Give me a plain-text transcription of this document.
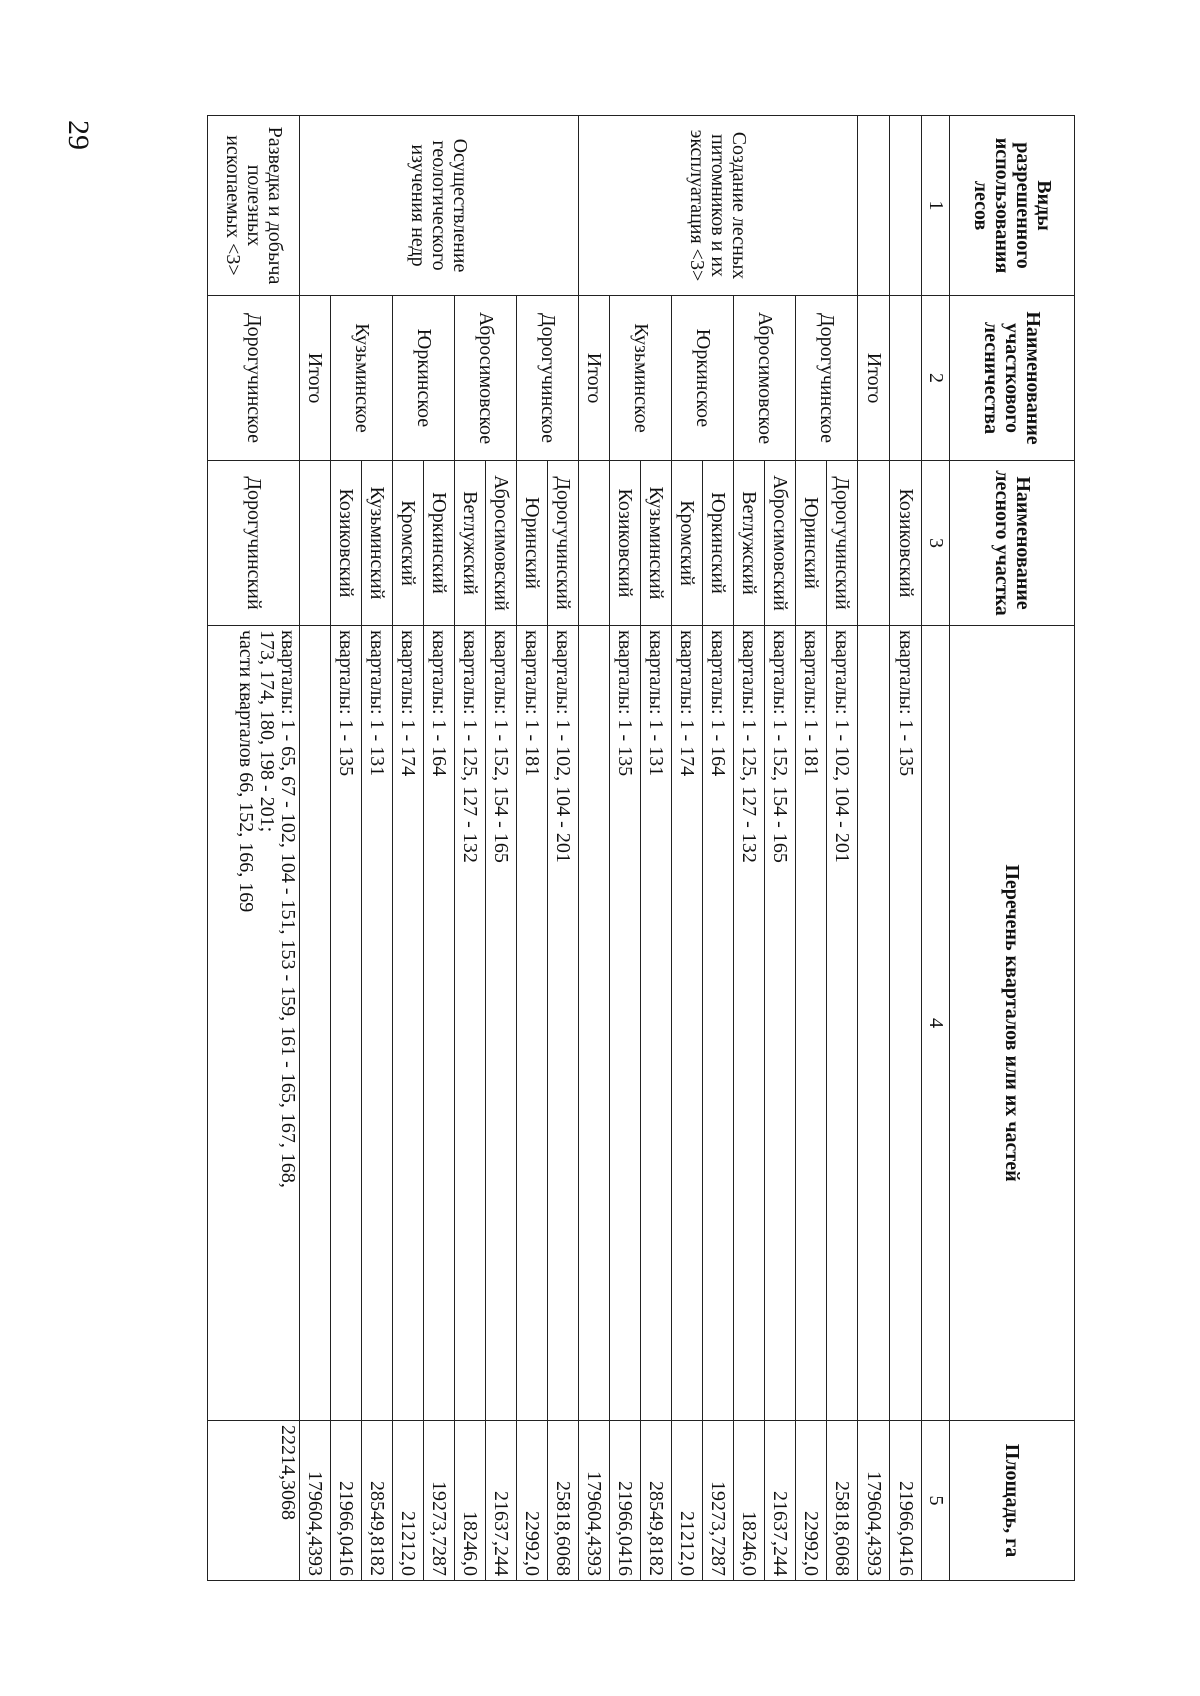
29
Виды разрешенного использования лесов	Наименование участкового лесничества	Наименование лесного участка	Перечень кварталов или их частей	Площадь, га
1	2	3	4	5
		Козиковский	кварталы: 1 - 135	21966,0416
	Итого			179604,4393
Создание лесных питомников и их эксплуатация <3>	Дорогучинское	Дорогучинский	кварталы: 1 - 102, 104 - 201	25818,6068
		Юринский	кварталы: 1 - 181	22992,0
	Абросимовское	Абросимовский	кварталы: 1 - 152, 154 - 165	21637,244
		Ветлужский	кварталы: 1 - 125, 127 - 132	18246,0
	Юркинское	Юркинский	кварталы: 1 - 164	19273,7287
		Кромский	кварталы: 1 - 174	21212,0
	Кузьминское	Кузьминский	кварталы: 1 - 131	28549,8182
		Козиковский	кварталы: 1 - 135	21966,0416
	Итого			179604,4393
Осуществление геологического изучения недр	Дорогучинское	Дорогучинский	кварталы: 1 - 102, 104 - 201	25818,6068
		Юринский	кварталы: 1 - 181	22992,0
	Абросимовское	Абросимовский	кварталы: 1 - 152, 154 - 165	21637,244
		Ветлужский	кварталы: 1 - 125, 127 - 132	18246,0
	Юркинское	Юркинский	кварталы: 1 - 164	19273,7287
		Кромский	кварталы: 1 - 174	21212,0
	Кузьминское	Кузьминский	кварталы: 1 - 131	28549,8182
		Козиковский	кварталы: 1 - 135	21966,0416
	Итого			179604,4393
Разведка и добыча полезных ископаемых <3>	Дорогучинское	Дорогучинский	кварталы: 1 - 65, 67 - 102, 104 - 151, 153 - 159, 161 - 165, 167, 168,
173, 174, 180, 198 - 201;
части кварталов 66, 152, 166, 169	22214,3068
